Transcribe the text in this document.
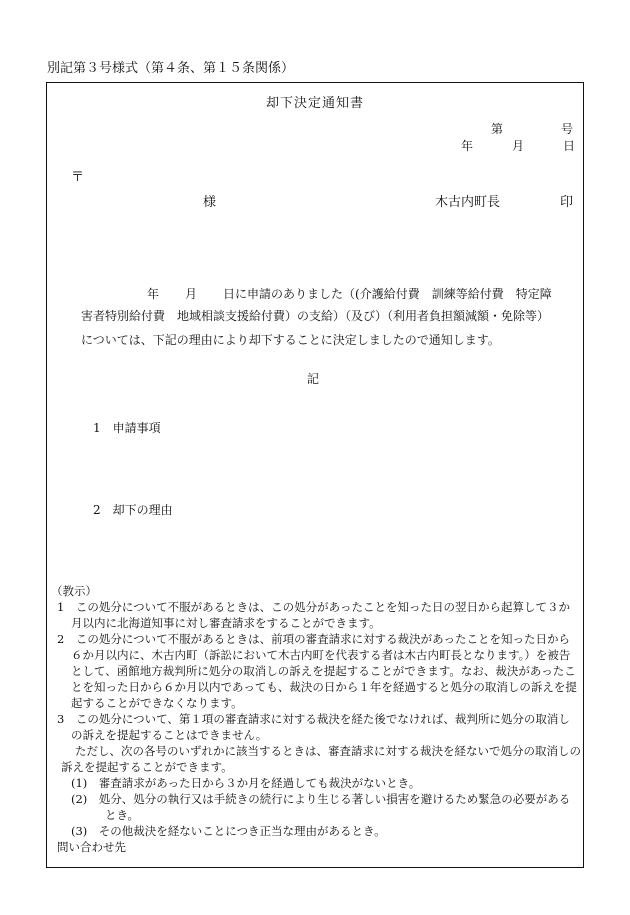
別記第３号様式（第４条、第１５条関係）
却下決定通知書
第	号
年	月	日
〒
様	木古内町長	印
年 月 日に申請のありました（(介護給付費　訓練等給付費　特定障
害者特別給付費　地域相談支援給付費）の支給）（及び）（利用者負担額減額・免除等）
については、下記の理由により却下することに決定しましたので通知します。
記
1 申請事項
2 却下の理由
（教示）
1　この処分について不服があるときは、この処分があったことを知った日の翌日から起算して３か月以内に北海道知事に対し審査請求をすることができます。
2　この処分について不服があるときは、前項の審査請求に対する裁決があったことを知った日から６か月以内に、木古内町（訴訟において木古内町を代表する者は木古内町長となります。）を被告として、函館地方裁判所に処分の取消しの訴えを提起することができます。なお、裁決があったことを知った日から６か月以内であっても、裁決の日から１年を経過すると処分の取消しの訴えを提起することができなくなります。
3　この処分について、第１項の審査請求に対する裁決を経た後でなければ、裁判所に処分の取消しの訴えを提起することはできません。
ただし、次の各号のいずれかに該当するときは、審査請求に対する裁決を経ないで処分の取消しの訴えを提起することができます。
(1)　審査請求があった日から３か月を経過しても裁決がないとき。
(2)　処分、処分の執行又は手続きの続行により生じる著しい損害を避けるため緊急の必要があるとき。
(3)　その他裁決を経ないことにつき正当な理由があるとき。
問い合わせ先
